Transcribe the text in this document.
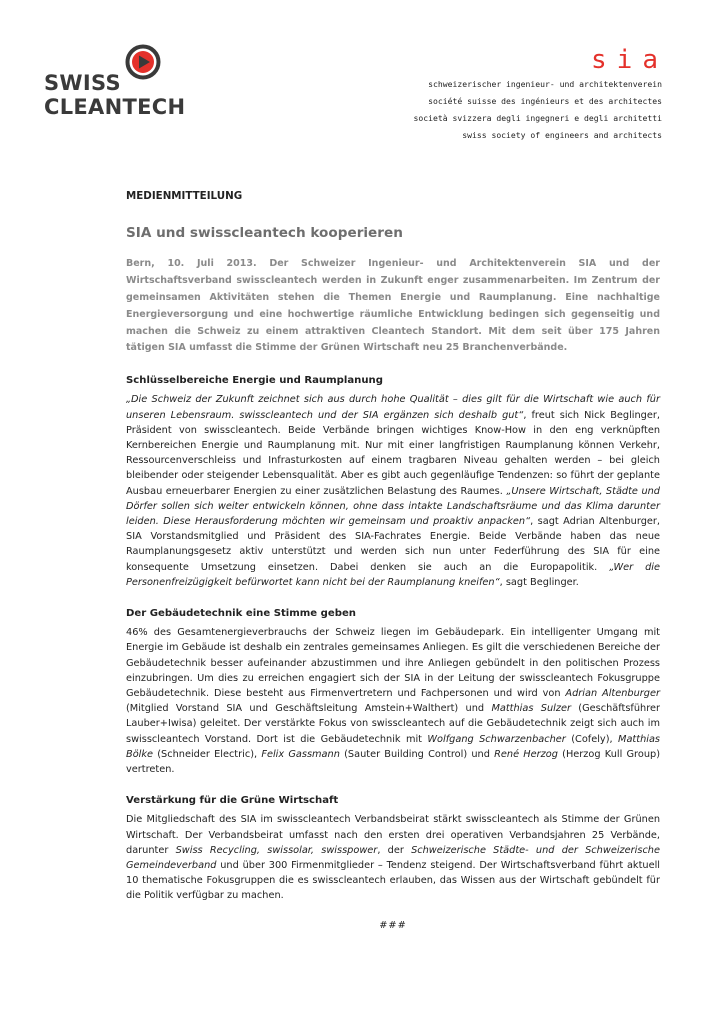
SWISS
CLEANTECH
sia
schweizerischer ingenieur- und architektenverein
société suisse des ingénieurs et des architectes
società svizzera degli ingegneri e degli architetti
swiss society of engineers and architects

MEDIENMITTEILUNG

SIA und swisscleantech kooperieren

Bern, 10. Juli 2013. Der Schweizer Ingenieur- und Architektenverein SIA und der Wirtschaftsverband swisscleantech werden in Zukunft enger zusammenarbeiten. Im Zentrum der gemeinsamen Aktivitäten stehen die Themen Energie und Raumplanung. Eine nachhaltige Energieversorgung und eine hochwertige räumliche Entwicklung bedingen sich gegenseitig und machen die Schweiz zu einem attraktiven Cleantech Standort. Mit dem seit über 175 Jahren tätigen SIA umfasst die Stimme der Grünen Wirtschaft neu 25 Branchenverbände.

Schlüsselbereiche Energie und Raumplanung

„Die Schweiz der Zukunft zeichnet sich aus durch hohe Qualität – dies gilt für die Wirtschaft wie auch für unseren Lebensraum. swisscleantech und der SIA ergänzen sich deshalb gut“, freut sich Nick Beglinger, Präsident von swisscleantech. Beide Verbände bringen wichtiges Know-How in den eng verknüpften Kernbereichen Energie und Raumplanung mit. Nur mit einer langfristigen Raumplanung können Verkehr, Ressourcenverschleiss und Infrasturkosten auf einem tragbaren Niveau gehalten werden – bei gleich bleibender oder steigender Lebensqualität. Aber es gibt auch gegenläufige Tendenzen: so führt der geplante Ausbau erneuerbarer Energien zu einer zusätzlichen Belastung des Raumes. „Unsere Wirtschaft, Städte und Dörfer sollen sich weiter entwickeln können, ohne dass intakte Landschaftsräume und das Klima darunter leiden. Diese Herausforderung möchten wir gemeinsam und proaktiv anpacken“, sagt Adrian Altenburger, SIA Vorstandsmitglied und Präsident des SIA-Fachrates Energie. Beide Verbände haben das neue Raumplanungsgesetz aktiv unterstützt und werden sich nun unter Federführung des SIA für eine konsequente Umsetzung einsetzen. Dabei denken sie auch an die Europapolitik. „Wer die Personenfreizügigkeit befürwortet kann nicht bei der Raumplanung kneifen“, sagt Beglinger.

Der Gebäudetechnik eine Stimme geben

46% des Gesamtenergieverbrauchs der Schweiz liegen im Gebäudepark. Ein intelligenter Umgang mit Energie im Gebäude ist deshalb ein zentrales gemeinsames Anliegen. Es gilt die verschiedenen Bereiche der Gebäudetechnik besser aufeinander abzustimmen und ihre Anliegen gebündelt in den politischen Prozess einzubringen. Um dies zu erreichen engagiert sich der SIA in der Leitung der swisscleantech Fokusgruppe Gebäudetechnik. Diese besteht aus Firmenvertretern und Fachpersonen und wird von Adrian Altenburger (Mitglied Vorstand SIA und Geschäftsleitung Amstein+Walthert) und Matthias Sulzer (Geschäftsführer Lauber+Iwisa) geleitet. Der verstärkte Fokus von swisscleantech auf die Gebäudetechnik zeigt sich auch im swisscleantech Vorstand. Dort ist die Gebäudetechnik mit Wolfgang Schwarzenbacher (Cofely), Matthias Bölke (Schneider Electric), Felix Gassmann (Sauter Building Control) und René Herzog (Herzog Kull Group) vertreten.

Verstärkung für die Grüne Wirtschaft

Die Mitgliedschaft des SIA im swisscleantech Verbandsbeirat stärkt swisscleantech als Stimme der Grünen Wirtschaft. Der Verbandsbeirat umfasst nach den ersten drei operativen Verbandsjahren 25 Verbände, darunter Swiss Recycling, swissolar, swisspower, der Schweizerische Städte- und der Schweizerische Gemeindeverband und über 300 Firmenmitglieder – Tendenz steigend. Der Wirtschaftsverband führt aktuell 10 thematische Fokusgruppen die es swisscleantech erlauben, das Wissen aus der Wirtschaft gebündelt für die Politik verfügbar zu machen.

###
